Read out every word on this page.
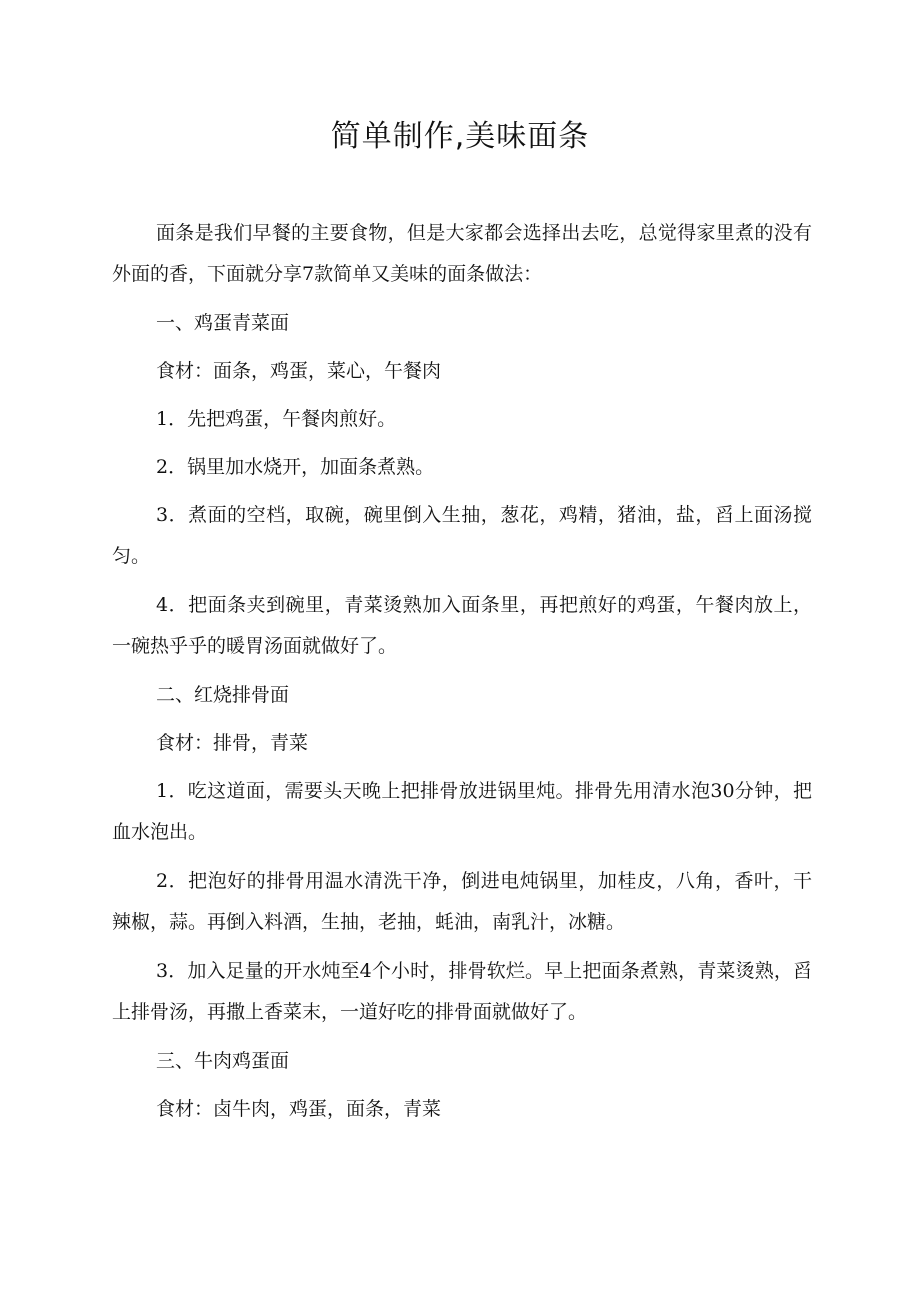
简单制作,美味面条

面条是我们早餐的主要食物，但是大家都会选择出去吃，总觉得家里煮的没有外面的香，下面就分享7款简单又美味的面条做法：

一、鸡蛋青菜面

食材：面条，鸡蛋，菜心，午餐肉

1．先把鸡蛋，午餐肉煎好。

2．锅里加水烧开，加面条煮熟。

3．煮面的空档，取碗，碗里倒入生抽，葱花，鸡精，猪油，盐，舀上面汤搅匀。

4．把面条夹到碗里，青菜烫熟加入面条里，再把煎好的鸡蛋，午餐肉放上，一碗热乎乎的暖胃汤面就做好了。

二、红烧排骨面

食材：排骨，青菜

1．吃这道面，需要头天晚上把排骨放进锅里炖。排骨先用清水泡30分钟，把血水泡出。

2．把泡好的排骨用温水清洗干净，倒进电炖锅里，加桂皮，八角，香叶，干辣椒，蒜。再倒入料酒，生抽，老抽，蚝油，南乳汁，冰糖。

3．加入足量的开水炖至4个小时，排骨软烂。早上把面条煮熟，青菜烫熟，舀上排骨汤，再撒上香菜末，一道好吃的排骨面就做好了。

三、牛肉鸡蛋面

食材：卤牛肉，鸡蛋，面条，青菜
